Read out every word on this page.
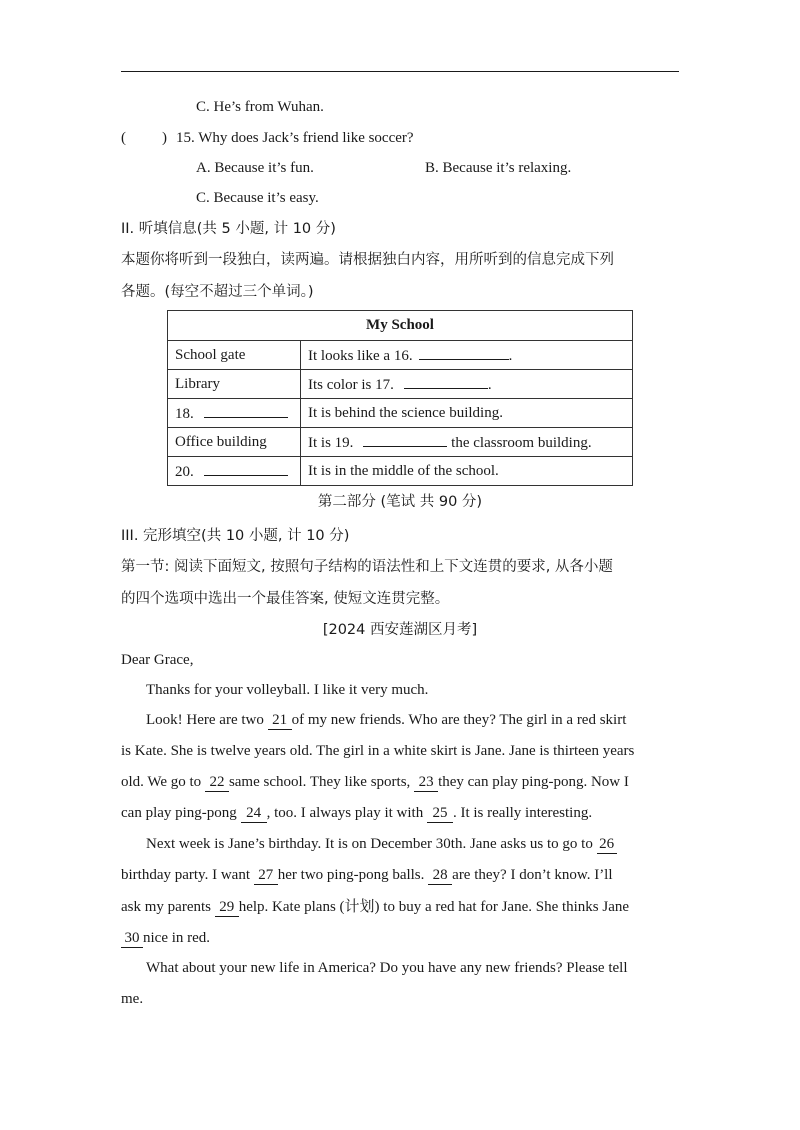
C. He’s from Wuhan.
( ) 15. Why does Jack’s friend like soccer?
A. Because it’s fun.	B. Because it’s relaxing.
C. Because it’s easy.
II. 听填信息(共 5 小题, 计 10 分)
本题你将听到一段独白，读两遍。请根据独白内容，用所听到的信息完成下列
各题。(每空不超过三个单词。)
My School	
School gate	It looks like a 16. .
Library	Its color is 17. .
18.	It is behind the science building.
Office building	It is 19. the classroom building.
20.	It is in the middle of the school.
第二部分 (笔试 共 90 分)
III. 完形填空(共 10 小题, 计 10 分)
第一节: 阅读下面短文, 按照句子结构的语法性和上下文连贯的要求, 从各小题
的四个选项中选出一个最佳答案, 使短文连贯完整。
[2024 西安莲湖区月考]
Dear Grace,
Thanks for your volleyball. I like it very much.
Look! Here are two 21 of my new friends. Who are they? The girl in a red skirt
is Kate. She is twelve years old. The girl in a white skirt is Jane. Jane is thirteen years
old. We go to 22 same school. They like sports, 23 they can play ping-pong. Now I
can play ping-pong 24 , too. I always play it with 25 . It is really interesting.
Next week is Jane’s birthday. It is on December 30th. Jane asks us to go to 26
birthday party. I want 27 her two ping-pong balls. 28 are they? I don’t know. I’ll
ask my parents 29 help. Kate plans (计划) to buy a red hat for Jane. She thinks Jane
30 nice in red.
What about your new life in America? Do you have any new friends? Please tell
me.
